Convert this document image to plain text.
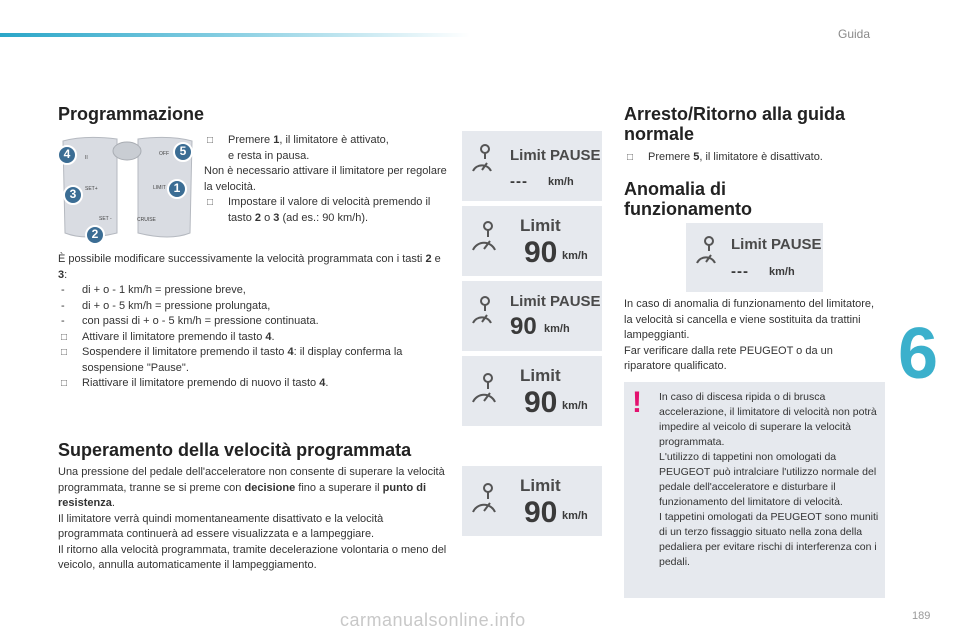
Guida
6
189
carmanualsonline.info
Programmazione
4
3
2
5
1
II
SET+
SET -
LIMIT
OFF
CRUISE
□ Premere 1, il limitatore è attivato,
e resta in pausa.

Non è necessario attivare il limitatore per regolare la velocità.

□ Impostare il valore di velocità premendo il tasto 2 o 3 (ad es.: 90 km/h).

È possibile modificare successivamente la velocità programmata con i tasti 2 e 3:

- di + o - 1 km/h = pressione breve,
- di + o - 5 km/h = pressione prolungata,
- con passi di + o - 5 km/h = pressione continuata.
□ Attivare il limitatore premendo il tasto 4.
□ Sospendere il limitatore premendo il tasto 4: il display conferma la sospensione "Pause".
□ Riattivare il limitatore premendo di nuovo il tasto 4.
Superamento della velocità programmata

Una pressione del pedale dell'acceleratore non consente di superare la velocità programmata, tranne se si preme con decisione fino a superare il punto di resistenza.

Il limitatore verrà quindi momentaneamente disattivato e la velocità programmata continuerà ad essere visualizzata e a lampeggiare.

Il ritorno alla velocità programmata, tramite decelerazione volontaria o meno del veicolo, annulla automaticamente il lampeggiamento.

Limit PAUSE
--- km/h
Limit
90 km/h
Limit PAUSE
90 km/h
Limit
90 km/h
Limit
90 km/h
Arresto/Ritorno alla guida normale
□ Premere 5, il limitatore è disattivato.
Anomalia di funzionamento
Limit PAUSE
--- km/h

In caso di anomalia di funzionamento del limitatore, la velocità si cancella e viene sostituita da trattini lampeggianti.

Far verificare dalla rete PEUGEOT o da un riparatore qualificato.

! In caso di discesa ripida o di brusca accelerazione, il limitatore di velocità non potrà impedire al veicolo di superare la velocità programmata.

L'utilizzo di tappetini non omologati da PEUGEOT può intralciare l'utilizzo normale del pedale dell'acceleratore e disturbare il funzionamento del limitatore di velocità.

I tappetini omologati da PEUGEOT sono muniti di un terzo fissaggio situato nella zona della pedaliera per evitare rischi di interferenza con i pedali.
